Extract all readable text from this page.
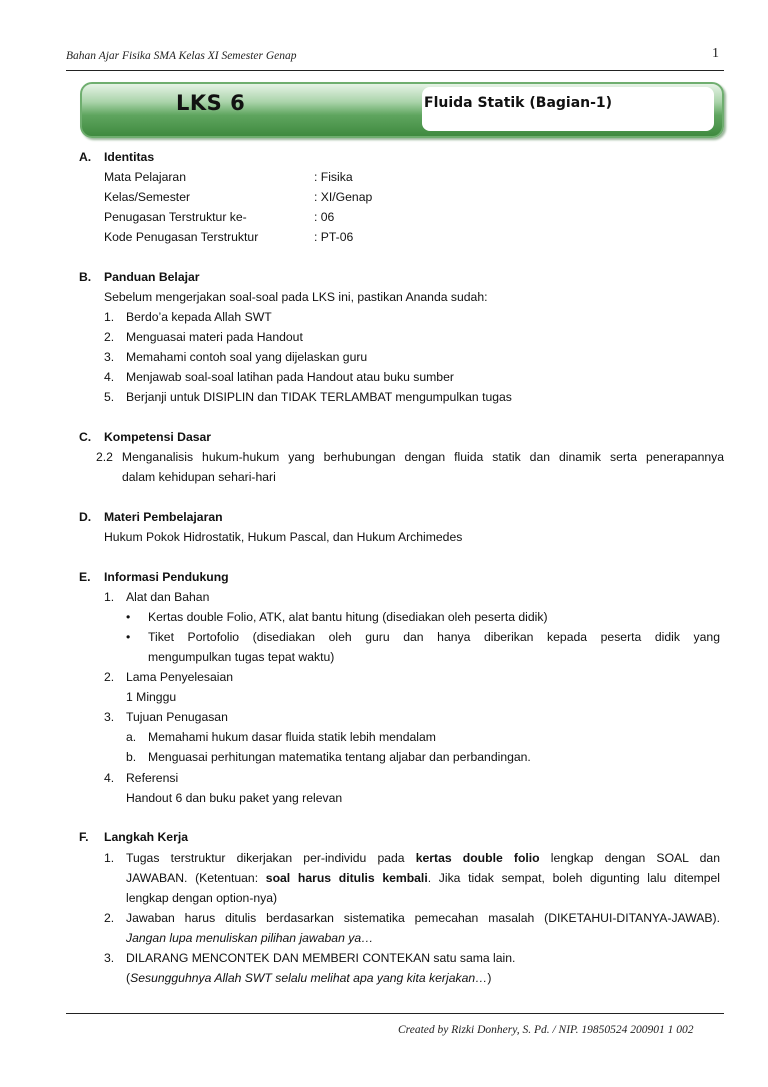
Bahan Ajar Fisika SMA Kelas XI Semester Genap	1
LKS 6	Fluida Statik (Bagian-1)
A. Identitas
Mata Pelajaran	: Fisika
Kelas/Semester	: XI/Genap
Penugasan Terstruktur ke-	: 06
Kode Penugasan Terstruktur	: PT-06
B. Panduan Belajar
Sebelum mengerjakan soal-soal pada LKS ini, pastikan Ananda sudah:
1. Berdo’a kepada Allah SWT
2. Menguasai materi pada Handout
3. Memahami contoh soal yang dijelaskan guru
4. Menjawab soal-soal latihan pada Handout atau buku sumber
5. Berjanji untuk DISIPLIN dan TIDAK TERLAMBAT mengumpulkan tugas
C. Kompetensi Dasar
2.2 Menganalisis hukum-hukum yang berhubungan dengan fluida statik dan dinamik serta penerapannya
dalam kehidupan sehari-hari
D. Materi Pembelajaran
Hukum Pokok Hidrostatik, Hukum Pascal, dan Hukum Archimedes
E. Informasi Pendukung
1. Alat dan Bahan
• Kertas double Folio, ATK, alat bantu hitung (disediakan oleh peserta didik)
• Tiket Portofolio (disediakan oleh guru dan hanya diberikan kepada peserta didik yang
mengumpulkan tugas tepat waktu)
2. Lama Penyelesaian
1 Minggu
3. Tujuan Penugasan
a. Memahami hukum dasar fluida statik lebih mendalam
b. Menguasai perhitungan matematika tentang aljabar dan perbandingan.
4. Referensi
Handout 6 dan buku paket yang relevan
F. Langkah Kerja
1. Tugas terstruktur dikerjakan per-individu pada kertas double folio lengkap dengan SOAL dan
JAWABAN. (Ketentuan: soal harus ditulis kembali. Jika tidak sempat, boleh digunting lalu ditempel
lengkap dengan option-nya)
2. Jawaban harus ditulis berdasarkan sistematika pemecahan masalah (DIKETAHUI-DITANYA-JAWAB).
Jangan lupa menuliskan pilihan jawaban ya…
3. DILARANG MENCONTEK DAN MEMBERI CONTEKAN satu sama lain.
(Sesungguhnya Allah SWT selalu melihat apa yang kita kerjakan…)
Created by Rizki Donhery, S. Pd. / NIP. 19850524 200901 1 002
